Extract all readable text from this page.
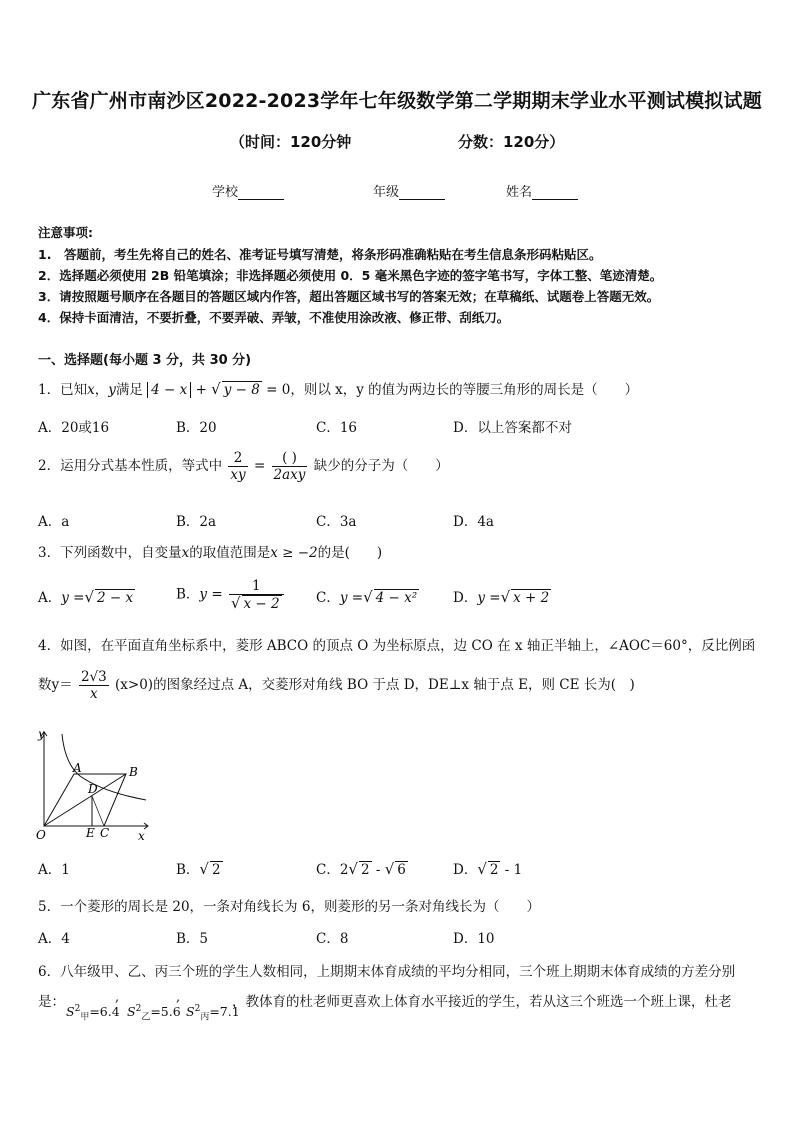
广东省广州市南沙区2022-2023学年七年级数学第二学期期末学业水平测试模拟试题
（时间：120分钟	分数：120分）
学校	年级	姓名
注意事项:
1.　答题前，考生先将自己的姓名、准考证号填写清楚，将条形码准确粘贴在考生信息条形码粘贴区。
2．选择题必须使用 2B 铅笔填涂；非选择题必须使用 0．5 毫米黑色字迹的签字笔书写，字体工整、笔迹清楚。
3．请按照题号顺序在各题目的答题区域内作答，超出答题区域书写的答案无效；在草稿纸、试题卷上答题无效。
4．保持卡面清洁，不要折叠，不要弄破、弄皱，不准使用涂改液、修正带、刮纸刀。
一、选择题(每小题 3 分，共 30 分)
1．已知x，y满足 4 − x + √ y − 8 = 0，则以 x，y 的值为两边长的等腰三角形的周长是（　　）
A．20或16	B．20	C．16	D．以上答案都不对
2．运用分式基本性质，等式中 $\frac{2}{xy} = \frac{( )}{\text{2axy}}$ 缺少的分子为（　　）
A．a	B．2a	C．3a	D．4a
3．下列函数中，自变量x的取值范围是x ≥ −2的是(　　)
A．y =√ 2 − x	B．$y = \frac{1}{√ x - 2}$ C．y =√ 4 − x²	D．y =√ x + 2
4．如图，在平面直角坐标系中，菱形 ABCO 的顶点 O 为坐标原点，边 CO 在 x 轴正半轴上，∠AOC＝60°，反比例函
数$y= \frac{2√3}{x} (x>0)$的图象经过点 A，交菱形对角线 BO 于点 D，DE⊥x 轴于点 E，则 CE 长为(　)
y
x
O
A	B
D
E C
A．1	B．√ 2	C．2√ 2 - √ 6	D．√ 2 - 1
5．一个菱形的周长是 20，一条对角线长为 6，则菱形的另一条对角线长为（　　）
A．4	B．5	C．8	D．10
6．八年级甲、乙、丙三个班的学生人数相同，上期期末体育成绩的平均分相同，三个班上期期末体育成绩的方差分别
是：	，教体育的杜老师更喜欢上体育水平接近的学生，若从这三个班选一个班上课，杜老
,	,
$S^2_甲=6.4$ $S^2_乙=5.6$ $S^2_丙=7.1$
